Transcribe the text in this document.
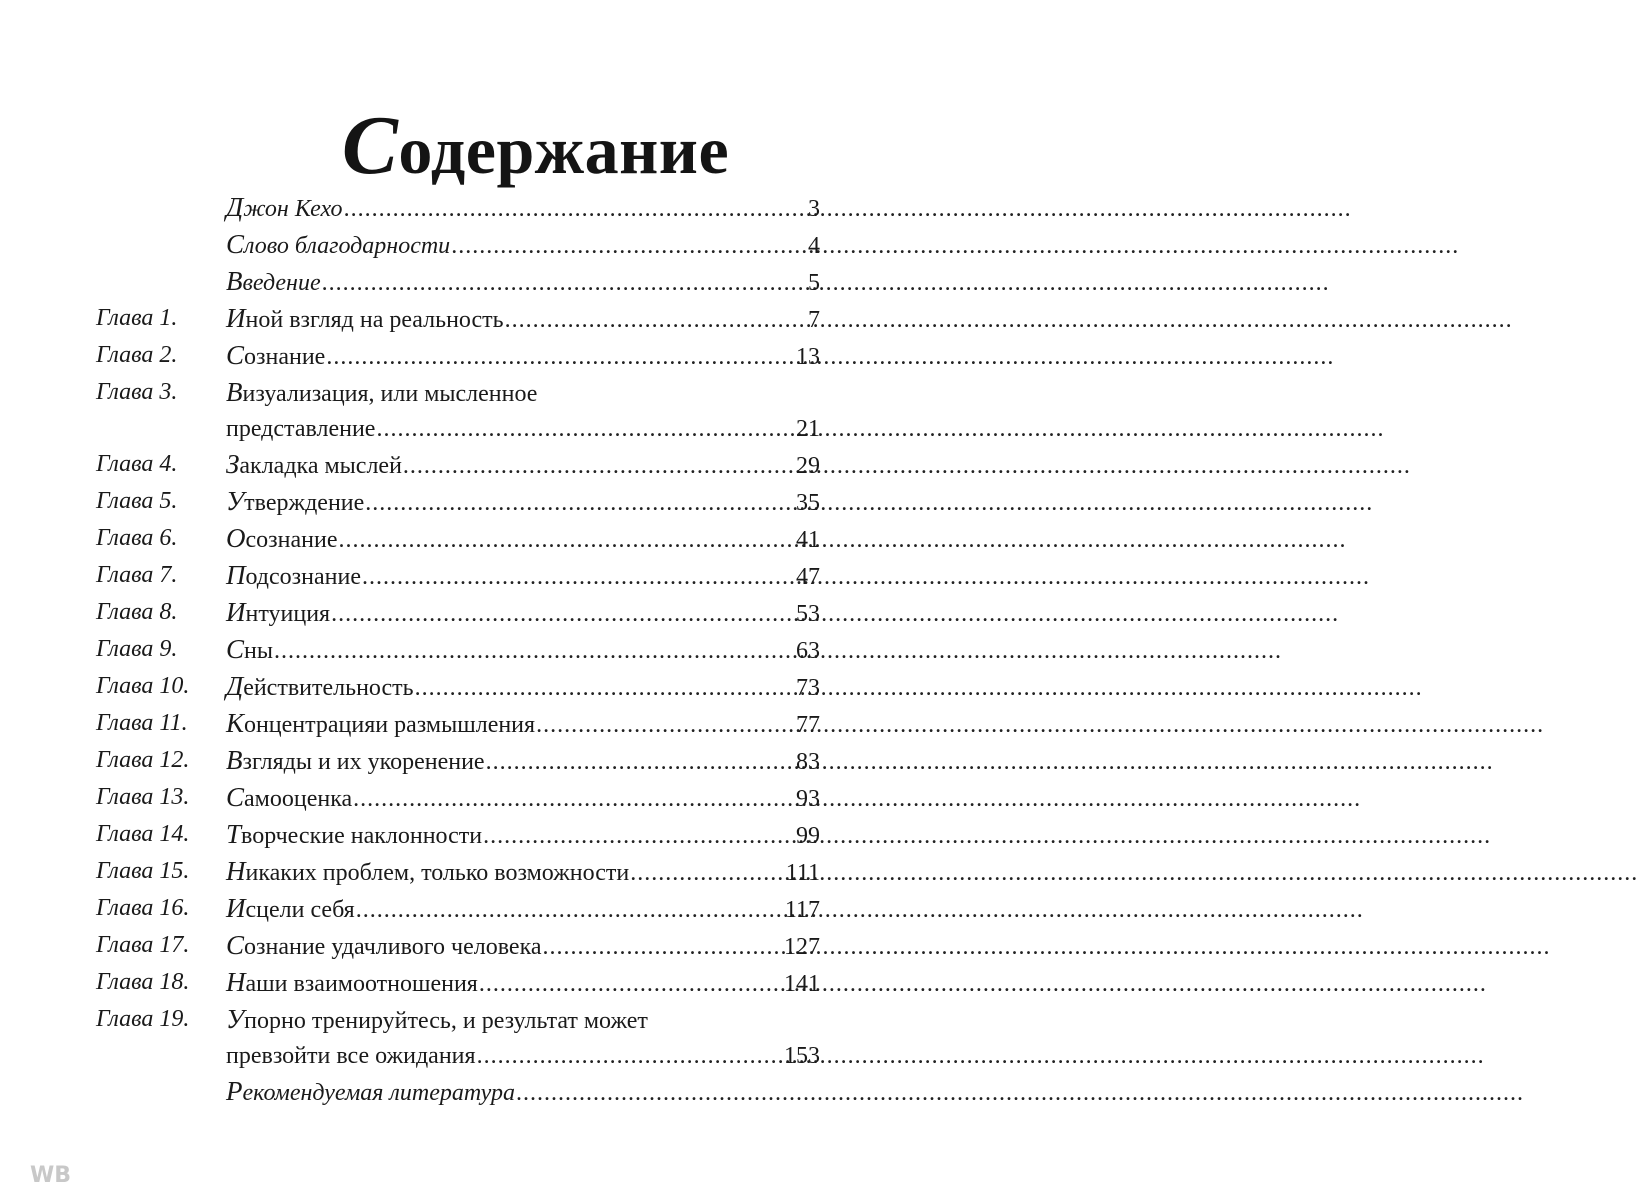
Содержание
Джон Кехо .....	3
Слово благодарности .....	4
Введение .....	5
Глава 1.	Иной взгляд на реальность .....	7
Глава 2.	Сознание .....	13
Глава 3.	Визуализация, или мысленное
представление .....	21
Глава 4.	Закладка мыслей .....	29
Глава 5.	Утверждение .....	35
Глава 6.	Осознание .....	41
Глава 7.	Подсознание .....	47
Глава 8.	Интуиция .....	53
Глава 9.	Сны .....	63
Глава 10.	Действительность .....	73
Глава 11.	Концентрацияи размышления .....	77
Глава 12.	Взгляды и их укоренение .....	83
Глава 13.	Самооценка .....	93
Глава 14.	Творческие наклонности .....	99
Глава 15.	Никаких проблем, только возможности .....	111
Глава 16.	Исцели себя .....	117
Глава 17.	Сознание удачливого человека .....	127
Глава 18.	Наши взаимоотношения .....	141
Глава 19.	Упорно тренируйтесь, и результат может
превзойти все ожидания .....	153
Рекомендуемая литература
.....
WB
